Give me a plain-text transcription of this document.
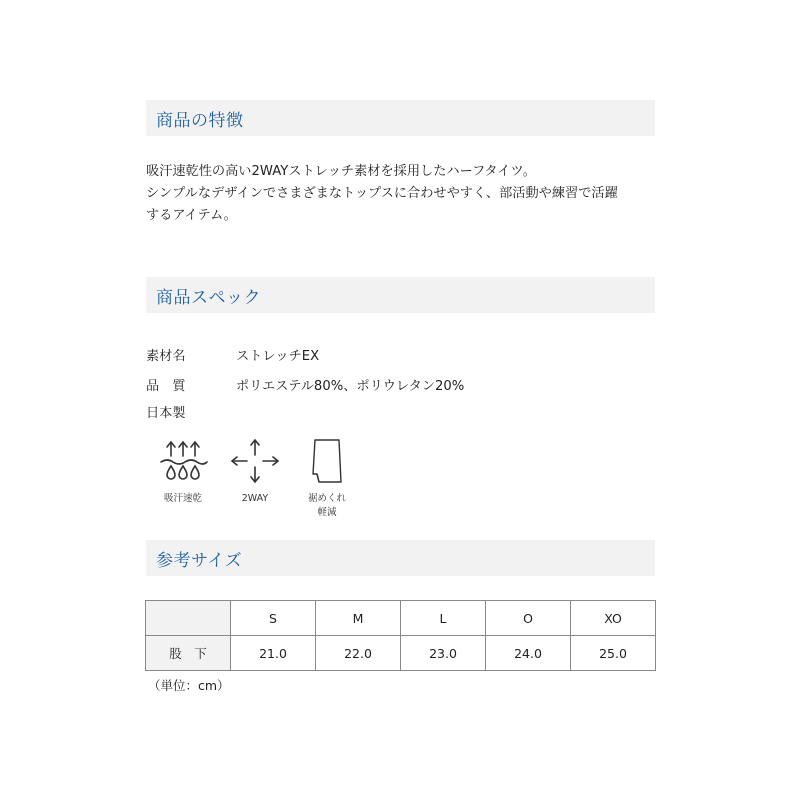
商品の特徴
吸汗速乾性の高い2WAYストレッチ素材を採用したハーフタイツ。
シンプルなデザインでさまざまなトップスに合わせやすく、部活動や練習で活躍
するアイテム。
商品スペック
素材名	ストレッチEX
品　質	ポリエステル80%、ポリウレタン20%
日本製
吸汗速乾	2WAY	裾めくれ
軽減
参考サイズ
	S	M	L	O	XO
股　下	21.0	22.0	23.0	24.0	25.0
（単位：cm）
